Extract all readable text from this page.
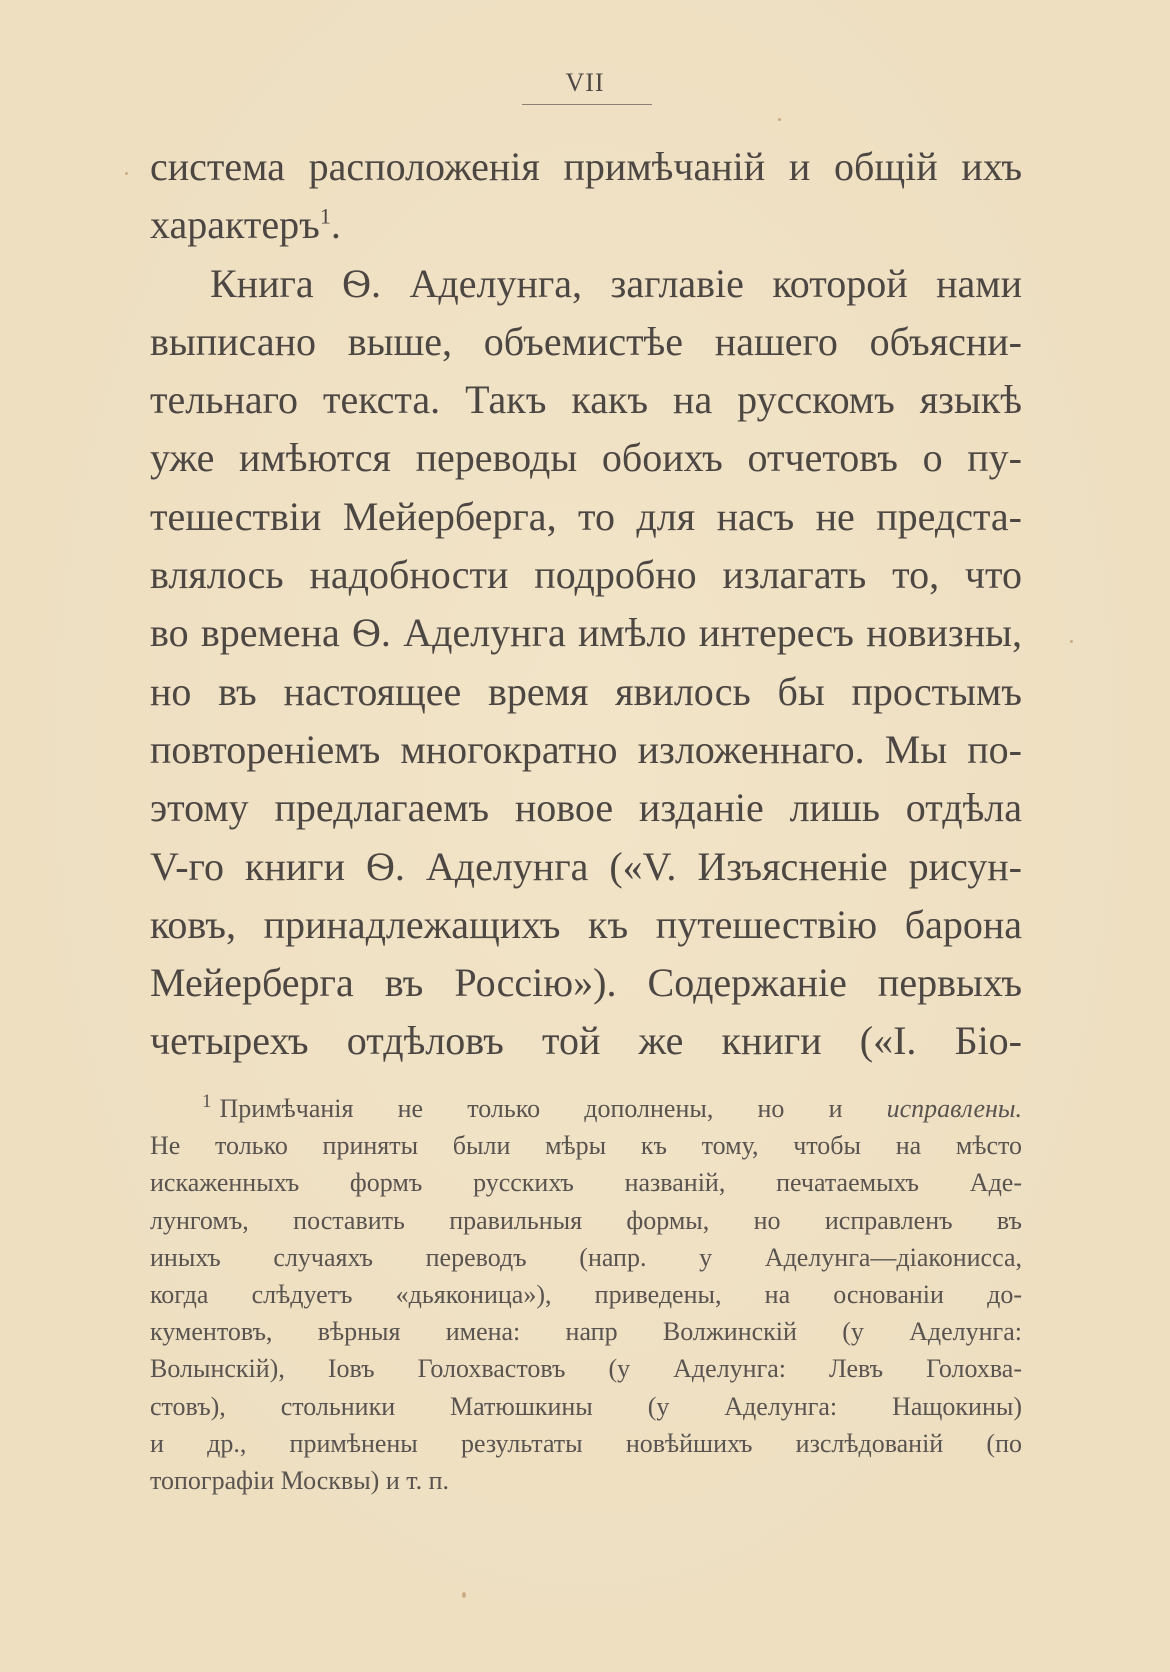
VII
система расположенія примѣчаній и общій ихъ
характеръ$^1$.
Книга Ѳ. Аделунга, заглавіе которой нами
выписано выше, объемистѣе нашего объясни-
тельнаго текста. Такъ какъ на русскомъ языкѣ
уже имѣются переводы обоихъ отчетовъ о пу-
тешествіи Мейерберга, то для насъ не предста-
влялось надобности подробно излагать то, что
во времена Ѳ. Аделунга имѣло интересъ новизны,
но въ настоящее время явилось бы простымъ
повтореніемъ многократно изложеннаго. Мы по-
этому предлагаемъ новое изданіе лишь отдѣла
V-го книги Ѳ. Аделунга («V. Изъясненіе рисун-
ковъ, принадлежащихъ къ путешествію барона
Мейерберга въ Россію»). Содержаніе первыхъ
четырехъ отдѣловъ той же книги («І. Біо-
$^1$ Примѣчанія не только дополнены, но и исправлены.
Не только приняты были мѣры къ тому, чтобы на мѣсто
искаженныхъ формъ русскихъ названій, печатаемыхъ Аде-
лунгомъ, поставить правильныя формы, но исправленъ въ
иныхъ случаяхъ переводъ (напр. у Аделунга—діаконисса,
когда слѣдуетъ «дьяконица»), приведены, на основаніи до-
кументовъ, вѣрныя имена: напр Волжинскій (у Аделунга:
Волынскій), Іовъ Голохвастовъ (у Аделунга: Левъ Голохва-
стовъ), стольники Матюшкины (у Аделунга: Нащокины)
и др., примѣнены результаты новѣйшихъ изслѣдованій (по
топографіи Москвы) и т. п.
